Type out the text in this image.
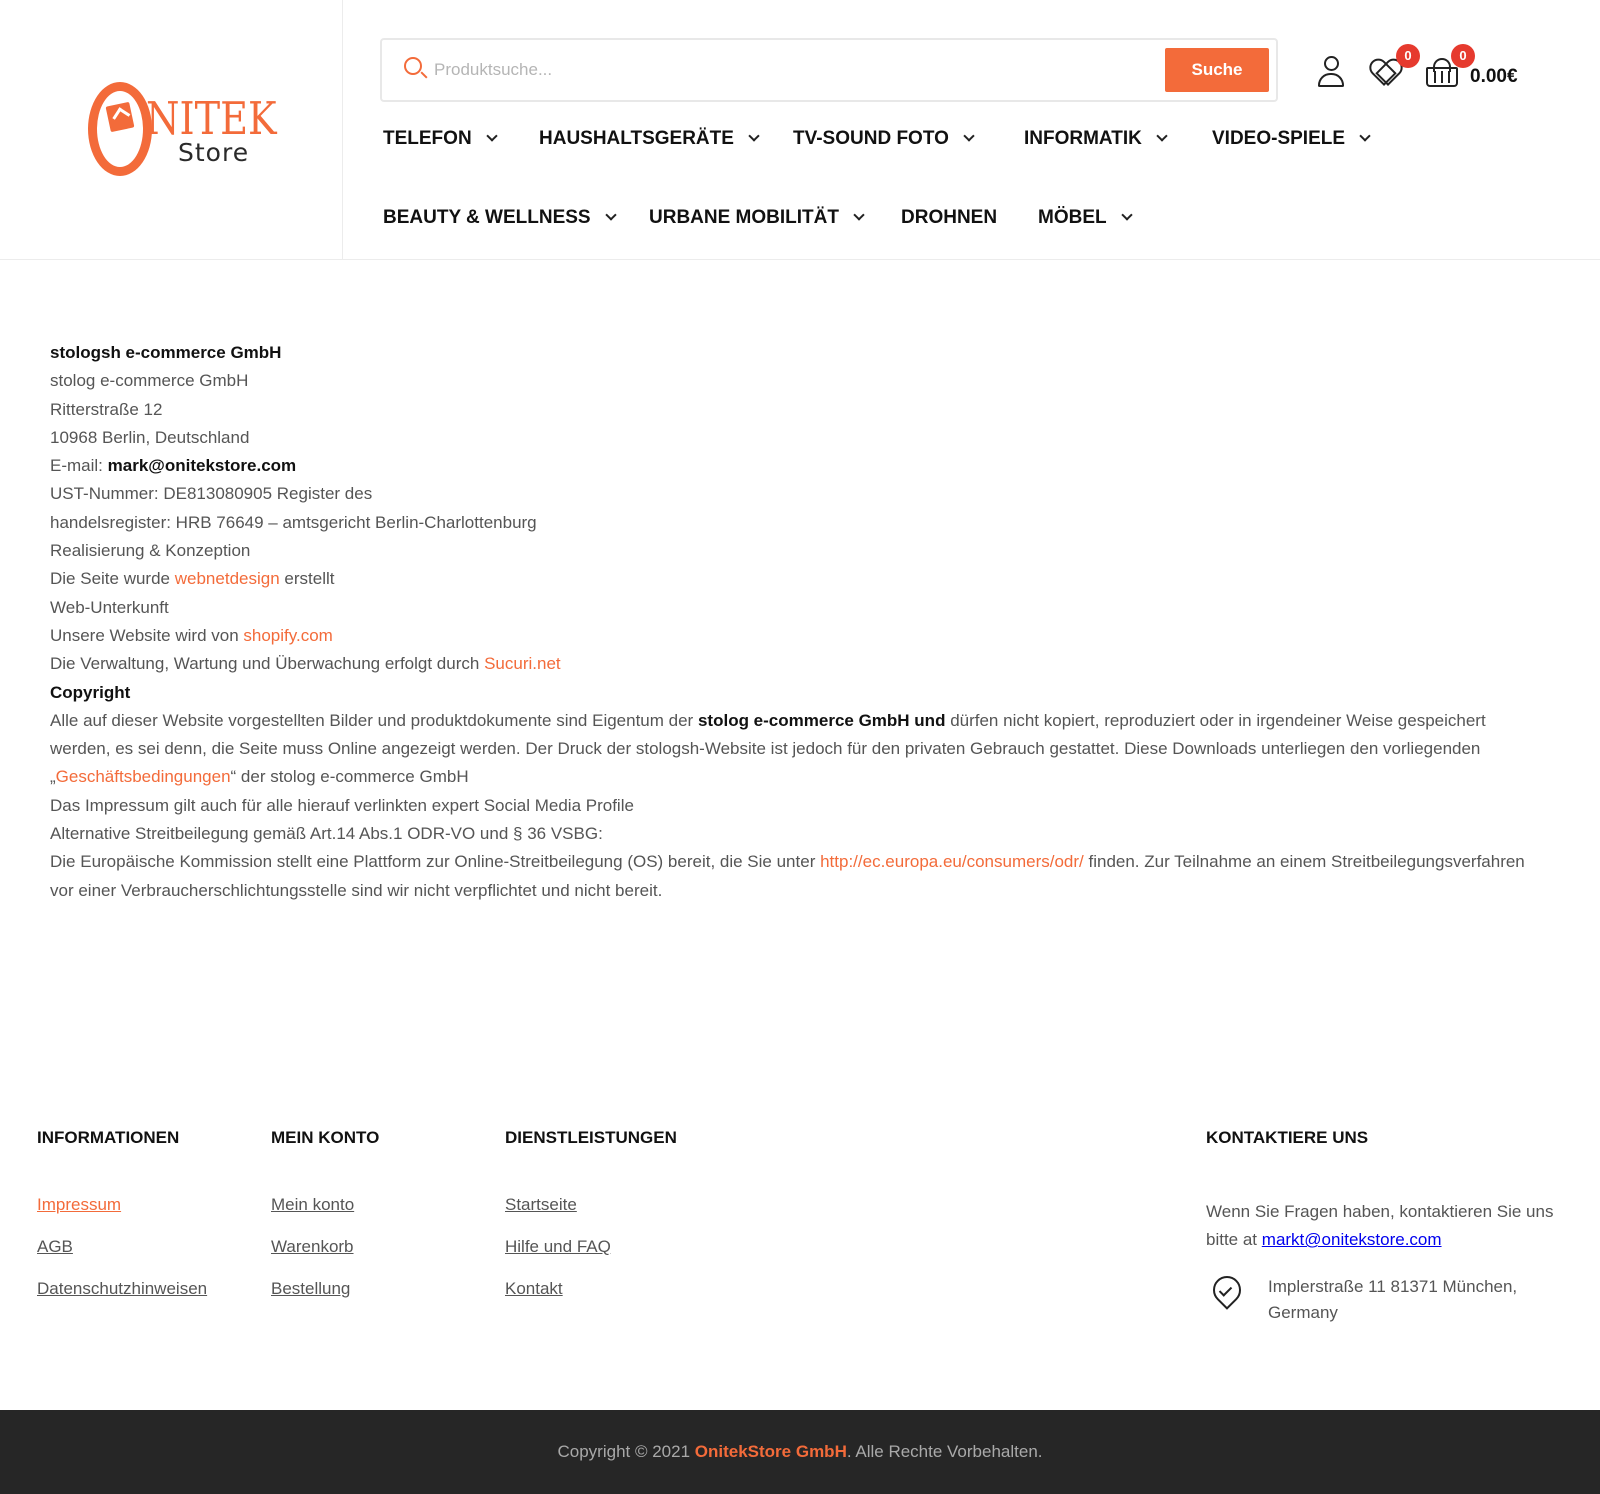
NITEK
Store
Produktsuche...
Suche
0	0
0.00€
TELEFON	HAUSHALTSGERÄTE	TV-SOUND FOTO	INFORMATIK	VIDEO-SPIELE
BEAUTY & WELLNESS	URBANE MOBILITÄT	DROHNEN MÖBEL

stologsh e-commerce GmbH

stolog e-commerce GmbH

Ritterstraße 12

10968 Berlin, Deutschland

E-mail: mark@onitekstore.com

UST-Nummer: DE813080905 Register des

handelsregister: HRB 76649 – amtsgericht Berlin-Charlottenburg

Realisierung & Konzeption

Die Seite wurde webnetdesign erstellt

Web-Unterkunft

Unsere Website wird von shopify.com

Die Verwaltung, Wartung und Überwachung erfolgt durch Sucuri.net

Copyright

Alle auf dieser Website vorgestellten Bilder und produktdokumente sind Eigentum der stolog e-commerce GmbH und dürfen nicht kopiert, reproduziert oder in irgendeiner Weise gespeichert werden, es sei denn, die Seite muss Online angezeigt werden. Der Druck der stologsh-Website ist jedoch für den privaten Gebrauch gestattet. Diese Downloads unterliegen den vorliegenden „Geschäftsbedingungen“ der stolog e-commerce GmbH

Das Impressum gilt auch für alle hierauf verlinkten expert Social Media Profile

Alternative Streitbeilegung gemäß Art.14 Abs.1 ODR-VO und § 36 VSBG:

Die Europäische Kommission stellt eine Plattform zur Online-Streitbeilegung (OS) bereit, die Sie unter http://ec.europa.eu/consumers/odr/ finden. Zur Teilnahme an einem Streitbeilegungsverfahren vor einer Verbraucherschlichtungsstelle sind wir nicht verpflichtet und nicht bereit.

INFORMATIONEN
Impressum
AGB
Datenschutzhinweisen
MEIN KONTO
Mein konto
Warenkorb
Bestellung
DIENSTLEISTUNGEN
Startseite
Hilfe und FAQ
Kontakt
KONTAKTIERE UNS
Wenn Sie Fragen haben, kontaktieren Sie uns bitte at markt@onitekstore.com
Implerstraße 11 81371 München, Germany
Copyright © 2021 OnitekStore GmbH. Alle Rechte Vorbehalten.
